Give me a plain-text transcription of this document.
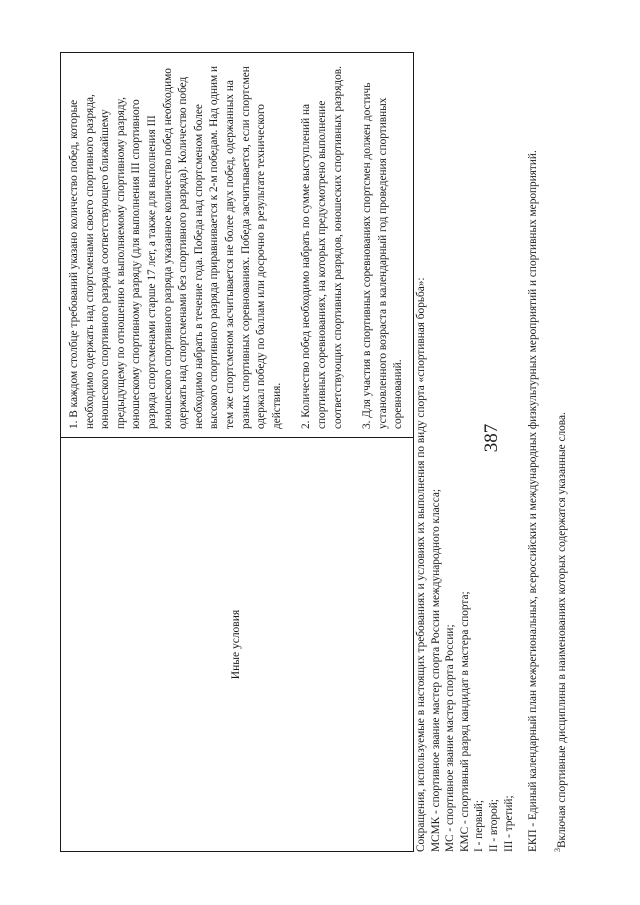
387
Иные условия	

1. В каждом столбце требований указано количество побед, которые необходимо одержать над спортсменами своего спортивного разряда, юношеского спортивного разряда соответствующего ближайшему предыдущему по отношению к выполняемому спортивному разряду, юношескому спортивному разряду (для выполнения III спортивного разряда спортсменами старше 17 лет, а также для выполнения III юношеского спортивного разряда указанное количество побед необходимо одержать над спортсменами без спортивного разряда). Количество побед необходимо набрать в течение года. Победа над спортсменом более высокого спортивного разряда приравнивается к 2-м победам. Над одним и тем же спортсменом засчитывается не более двух побед, одержанных на разных спортивных соревнованиях. Победа засчитывается, если спортсмен одержал победу по баллам или досрочно в результате технического действия. 2. Количество побед необходимо набрать по сумме выступлений на спортивных соревнованиях, на которых предусмотрено выполнение соответствующих спортивных разрядов, юношеских спортивных разрядов. 3. Для участия в спортивных соревнованиях спортсмен должен достичь установленного возраста в календарный год проведения спортивных соревнований. Сокращения, используемые в настоящих требованиях и условиях их выполнения по виду спорта «спортивная борьба»: МСМК - спортивное звание мастер спорта России международного класса; МС - спортивное звание мастер спорта России; КМС - спортивный разряд кандидат в мастера спорта; I - первый; II - второй; III - третий; ЕКП - Единый календарный план межрегиональных, всероссийских и международных физкультурных мероприятий и спортивных мероприятий. $^3$Включая спортивные дисциплины в наименованиях которых содержатся указанные слова.
